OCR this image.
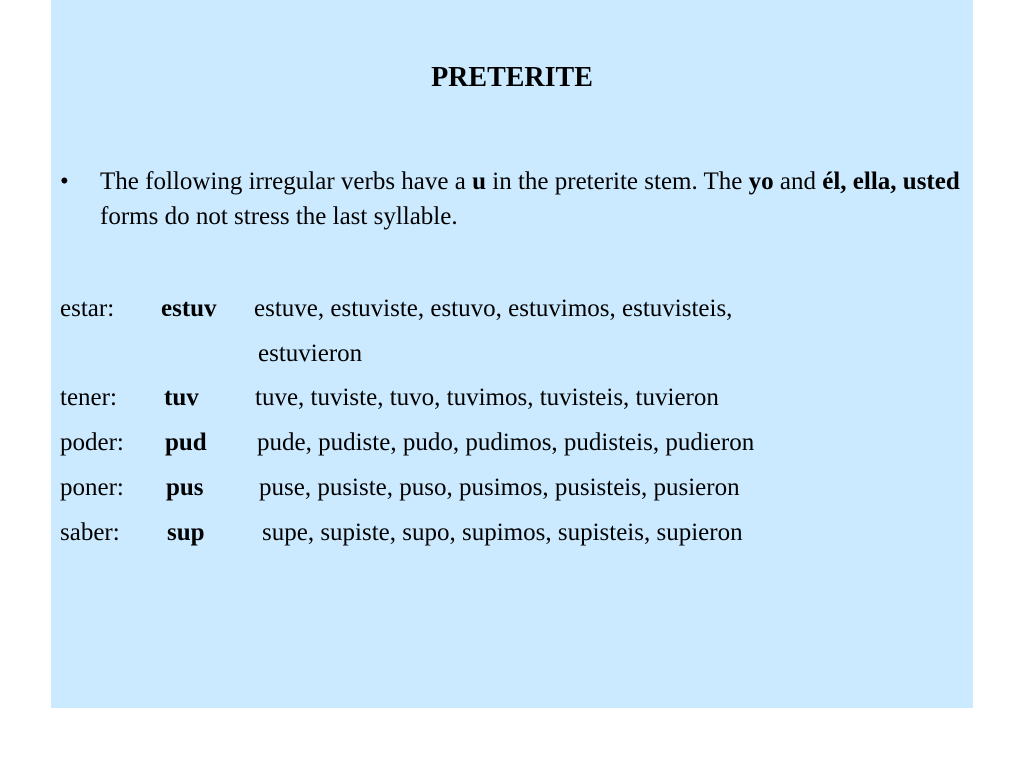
PRETERITE
•	The following irregular verbs have a u in the preterite stem. The yo and él, ella, usted forms do not stress the last syllable.
estar: estuv estuve, estuviste, estuvo, estuvimos, estuvisteis,
estuvieron
tener: tuv tuve, tuviste, tuvo, tuvimos, tuvisteis, tuvieron
poder: pud pude, pudiste, pudo, pudimos, pudisteis, pudieron
poner: pus puse, pusiste, puso, pusimos, pusisteis, pusieron
saber: sup supe, supiste, supo, supimos, supisteis, supieron
